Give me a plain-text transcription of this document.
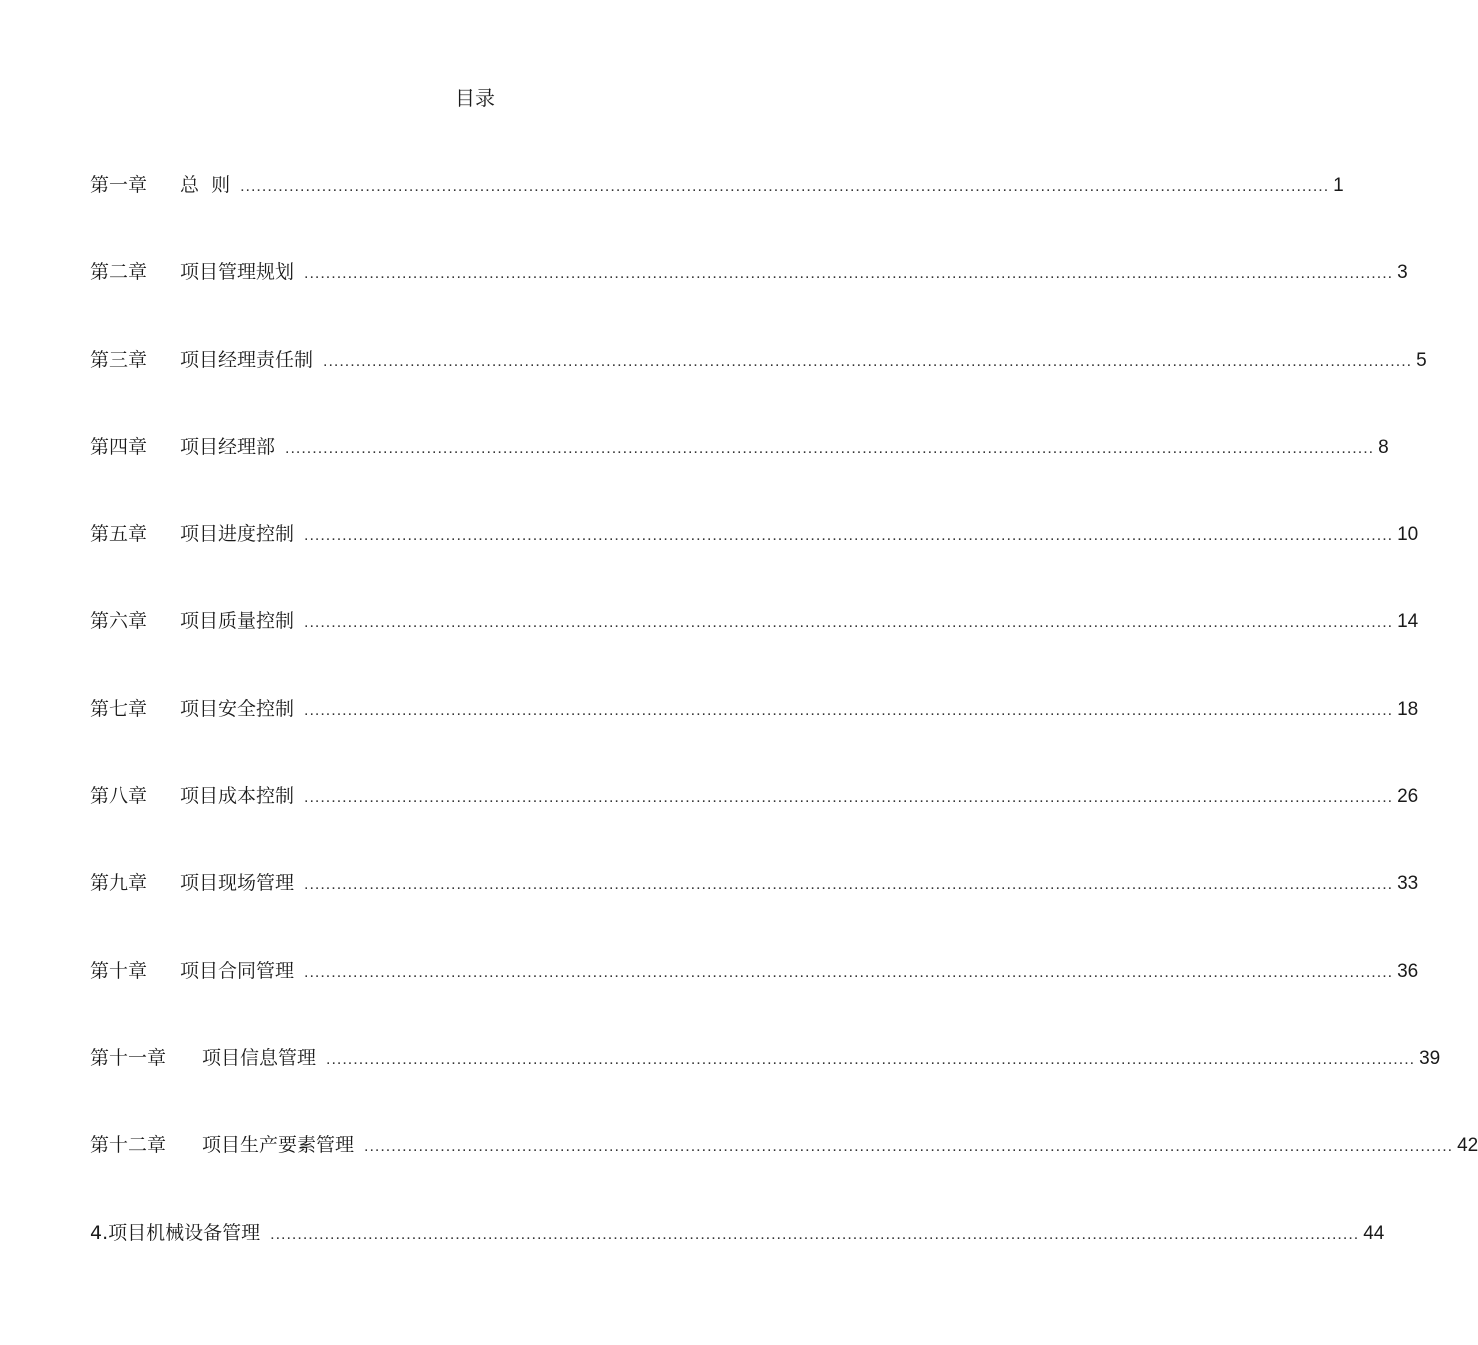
目录
第一章	总  则 ........................................................................................................................................................................................................ 1
第二章	项目管理规划 ........................................................................................................................................................................................................ 3
第三章	项目经理责任制 ........................................................................................................................................................................................................ 5
第四章	项目经理部 ........................................................................................................................................................................................................ 8
第五章	项目进度控制 ........................................................................................................................................................................................................ 10
第六章	项目质量控制 ........................................................................................................................................................................................................ 14
第七章	项目安全控制 ........................................................................................................................................................................................................ 18
第八章	项目成本控制 ........................................................................................................................................................................................................ 26
第九章	项目现场管理 ........................................................................................................................................................................................................ 33
第十章	项目合同管理 ........................................................................................................................................................................................................ 36
第十一章	项目信息管理 ........................................................................................................................................................................................................ 39
第十二章	项目生产要素管理 ........................................................................................................................................................................................................ 42
4.项目机械设备管理 ........................................................................................................................................................................................................ 44
